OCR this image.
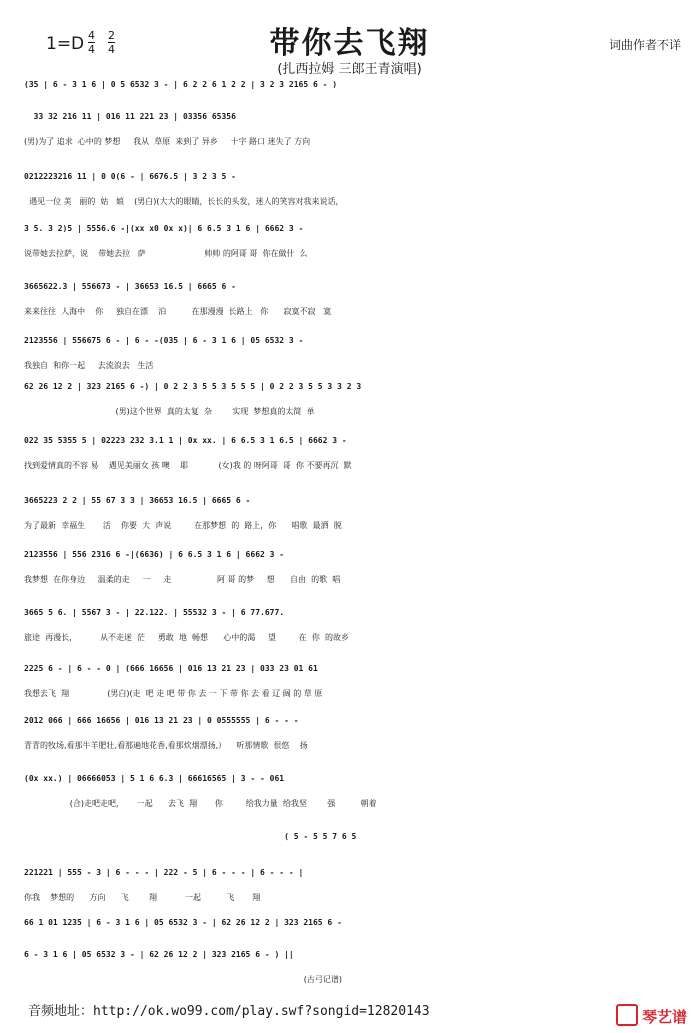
1=D 4
4
2
4	带你去飞翔	词曲作者不详
(扎西拉姆 三郎王青演唱)
(35 | 6 - 3 1 6 | 0 5 6532 3 - | 6 2 2 6 1 2 2 | 3 2 3 2165 6 - )
33 32 216 11 | 016 11 221 23 | 03356 65356
(男)为了 追求  心中的 梦想     我从  草原  来到了 异乡     十字 路口 迷失了 方向
0212223216 11 | 0 0(6 - | 6676.5 | 3 2 3 5 -
遇见一位 美   丽的  姑   娘    (男白)(大大的眼睛，长长的头发，迷人的笑容对我来说话，
3 5. 3 2)5 | 5556.6 -|(xx x0 0x x)| 6 6.5 3 1 6 | 6662 3 -
说带她去拉萨，说    带她去拉   萨                       帅帅 的阿哥 哥  你在做什  么
3665622.3 | 556673 - | 36653 16.5 | 6665 6 -
来来往往  人海中    你     独自在漂    泊          在那漫漫  长路上   你      寂寞不寂   寞
2123556 | 556675 6 - | 6 - -(035 | 6 - 3 1 6 | 05 6532 3 -
我独自  和你一起     去流浪去   生活
62 26 12 2 | 323 2165 6 -) | 0 2 2 3 5 5 3 5 5 5 | 0 2 2 3 5 5 3 3 2 3
(男)这个世界  真的太复  杂        实现  梦想真的太简  单
022 35 5355 5 | 02223 232 3.1 1 | 0x xx. | 6 6.5 3 1 6.5 | 6662 3 -
找到爱情真的不容 易    遇见美丽女 孩 噢    耶            (女)我 的 呀阿哥  哥  你 不要再沉  默
3665223 2 2 | 55 67 3 3 | 36653 16.5 | 6665 6 -
为了最新  幸福生       活    你要  大  声说         在那梦想  的  路上，你      唱歌  最洒  脱
2123556 | 556 2316 6 -|(6636) | 6 6.5 3 1 6 | 6662 3 -
我梦想  在你身边     温柔的走     一     走                  阿 哥 的梦     想      自由  的歌  唱
3665 5 6. | 5567 3 - | 22.122. | 55532 3 - | 6 77.677.
旅途  再漫长，         从不走迷  茫     勇敢  地  畅想      心中的渴     望         在  你  的故乡
2225 6 - | 6 - - 0 | (666 16656 | 016 13 21 23 | 033 23 01 61
我想去飞  翔               (男白)(走  吧 走 吧 带 你 去 一 下 带 你 去 看 辽 阔 的 草 原
2012 066 | 666 16656 | 016 13 21 23 | 0 0555555 | 6 - - -
青青的牧场,看那牛羊肥壮,看那遍地花香,看那炊烟漂扬,）    听那情歌  很悠    扬
(0x xx.) | 06666053 | 5 1 6 6.3 | 66616565 | 3 - - 061
(合)走吧走吧，     一起      去飞  翔       你         给我力量  给我坚        强          朝着
( 5 - 5 5 7 6 5
221221 | 555 - 3 | 6 - - - | 222 - 5 | 6 - - - | 6 - - - |
你我    梦想的      方向      飞        翔           一起          飞       翔
66 1 01 1235 | 6 - 3 1 6 | 05 6532 3 - | 62 26 12 2 | 323 2165 6 -
6 - 3 1 6 | 05 6532 3 - | 62 26 12 2 | 323 2165 6 - ) ||
(古弓记谱)
音频地址：http://ok.wo99.com/play.swf?songid=12820143	琴艺谱
